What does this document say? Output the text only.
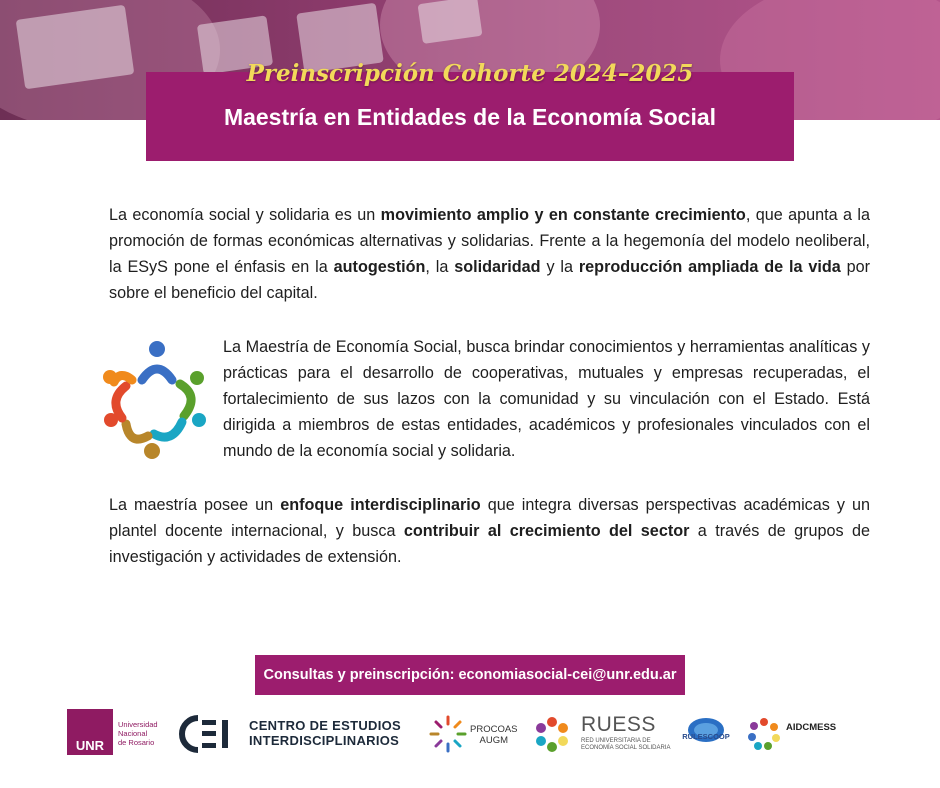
Preinscripción Cohorte 2024–2025
Maestría en Entidades de la Economía Social
La economía social y solidaria es un movimiento amplio y en constante crecimiento, que apunta a la promoción de formas económicas alternativas y solidarias. Frente a la hegemonía del modelo neoliberal, la ESyS pone el énfasis en la autogestión, la solidaridad y la reproducción ampliada de la vida por sobre el beneficio del capital.
La Maestría de Economía Social, busca brindar conocimientos y herramientas analíticas y prácticas para el desarrollo de cooperativas, mutuales y empresas recuperadas, el fortalecimiento de sus lazos con la comunidad y su vinculación con el Estado. Está dirigida a miembros de estas entidades, académicos y profesionales vinculados con el mundo de la economía social y solidaria.
La maestría posee un enfoque interdisciplinario que integra diversas perspectivas académicas y un plantel docente internacional, y busca contribuir al crecimiento del sector a través de grupos de investigación y actividades de extensión.
Consultas y preinscripción: economiasocial-cei@unr.edu.ar
UNR
Universidad
Nacional
de Rosario
CENTRO DE ESTUDIOS
INTERDISCIPLINARIOS
PROCOAS
AUGM
RUESS
RED UNIVERSITARIA DE
ECONOMÍA SOCIAL SOLIDARIA
RULESCOOP
AIDCMESS
